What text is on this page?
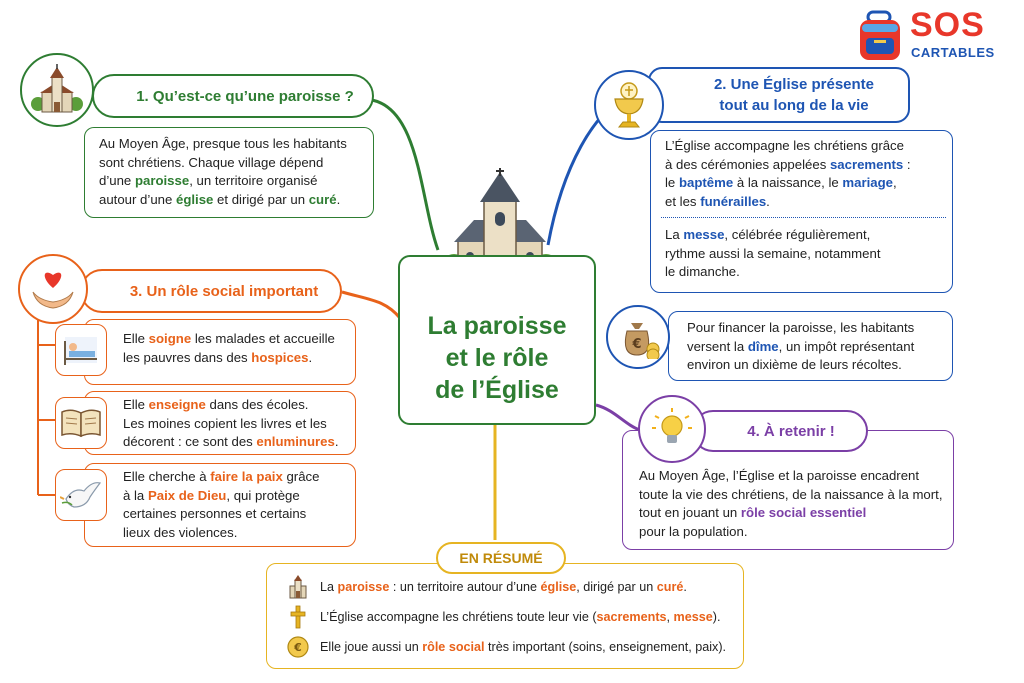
SOS
CARTABLES
La paroisse
et le rôle
de l’Église
Au Moyen Âge, presque tous les habitants
sont chrétiens. Chaque village dépend
d’une paroisse, un territoire organisé
autour d’une église et dirigé par un curé.
1. Qu’est-ce qu’une paroisse ?
2. Une Église présente
tout au long de la vie
L’Église accompagne les chrétiens grâce
à des cérémonies appelées sacrements :
le baptême à la naissance, le mariage,
et les funérailles.
La messe, célébrée régulièrement,
rythme aussi la semaine, notamment
le dimanche.
Pour financer la paroisse, les habitants
versent la dîme, un impôt représentant
environ un dixième de leurs récoltes.
€
3. Un rôle social important
Elle soigne les malades et accueille
les pauvres dans des hospices.
Elle enseigne dans des écoles.
Les moines copient les livres et les
décorent : ce sont des enluminures.
Elle cherche à faire la paix grâce
à la Paix de Dieu, qui protège
certaines personnes et certains
lieux des violences.
Au Moyen Âge, l’Église et la paroisse encadrent
toute la vie des chrétiens, de la naissance à la mort,
tout en jouant un rôle social essentiel
pour la population.
4. À retenir !
EN RÉSUMÉ
La paroisse : un territoire autour d’une église, dirigé par un curé.
L’Église accompagne les chrétiens toute leur vie (sacrements, messe).
€ Elle joue aussi un rôle social très important (soins, enseignement, paix).
